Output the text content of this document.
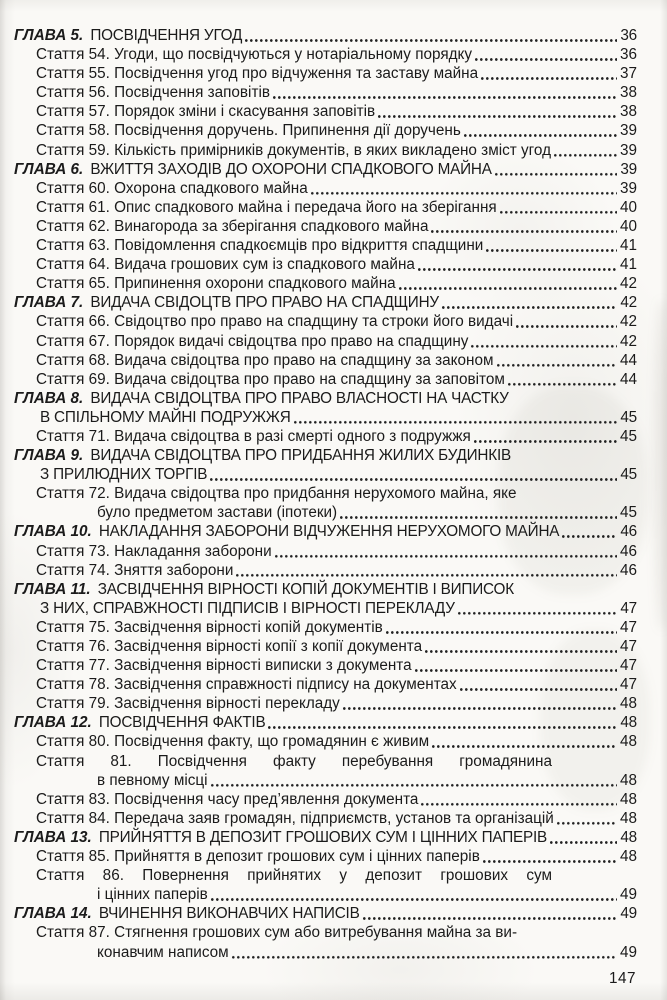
ГЛАВА 5. ПОСВІДЧЕННЯ УГОД	36
Стаття 54. Угоди, що посвідчуються у нотаріальному порядку	36
Стаття 55. Посвідчення угод про відчуження та заставу майна	37
Стаття 56. Посвідчення заповітів	38
Стаття 57. Порядок зміни і скасування заповітів	38
Стаття 58. Посвідчення доручень. Припинення дії доручень	39
Стаття 59. Кількість примірників документів, в яких викладено зміст угод	39
ГЛАВА 6. ВЖИТТЯ ЗАХОДІВ ДО ОХОРОНИ СПАДКОВОГО МАЙНА	39
Стаття 60. Охорона спадкового майна	39
Стаття 61. Опис спадкового майна і передача його на зберігання	40
Стаття 62. Винагорода за зберігання спадкового майна	40
Стаття 63. Повідомлення спадкоємців про відкриття спадщини	41
Стаття 64. Видача грошових сум із спадкового майна	41
Стаття 65. Припинення охорони спадкового майна	42
ГЛАВА 7. ВИДАЧА СВІДОЦТВ ПРО ПРАВО НА СПАДЩИНУ	42
Стаття 66. Свідоцтво про право на спадщину та строки його видачі	42
Стаття 67. Порядок видачі свідоцтва про право на спадщину	42
Стаття 68. Видача свідоцтва про право на спадщину за законом	44
Стаття 69. Видача свідоцтва про право на спадщину за заповітом	44
ГЛАВА 8. ВИДАЧА СВІДОЦТВА ПРО ПРАВО ВЛАСНОСТІ НА ЧАСТКУ
В СПІЛЬНОМУ МАЙНІ ПОДРУЖЖЯ	45
Стаття 71. Видача свідоцтва в разі смерті одного з подружжя	45
ГЛАВА 9. ВИДАЧА СВІДОЦТВА ПРО ПРИДБАННЯ ЖИЛИХ БУДИНКІВ
З ПРИЛЮДНИХ ТОРГІВ	45
Стаття 72. Видача свідоцтва про придбання нерухомого майна, яке
було предметом застави (іпотеки)	45
ГЛАВА 10. НАКЛАДАННЯ ЗАБОРОНИ ВІДЧУЖЕННЯ НЕРУХОМОГО МАЙНА	46
Стаття 73. Накладання заборони	46
Стаття 74. Зняття заборони	46
ГЛАВА 11. ЗАСВІДЧЕННЯ ВІРНОСТІ КОПІЙ ДОКУМЕНТІВ І ВИПИСОК
З НИХ, СПРАВЖНОСТІ ПІДПИСІВ І ВІРНОСТІ ПЕРЕКЛАДУ	47
Стаття 75. Засвідчення вірності копій документів	47
Стаття 76. Засвідчення вірності копії з копії документа	47
Стаття 77. Засвідчення вірності виписки з документа	47
Стаття 78. Засвідчення справжності підпису на документах	47
Стаття 79. Засвідчення вірності перекладу	48
ГЛАВА 12. ПОСВІДЧЕННЯ ФАКТІВ	48
Стаття 80. Посвідчення факту, що громадянин є живим	48
Стаття 81. Посвідчення факту перебування громадянина
в певному місці	48
Стаття 83. Посвідчення часу пред’явлення документа	48
Стаття 84. Передача заяв громадян, підприємств, установ та організацій	48
ГЛАВА 13. ПРИЙНЯТТЯ В ДЕПОЗИТ ГРОШОВИХ СУМ І ЦІННИХ ПАПЕРІВ	48
Стаття 85. Прийняття в депозит грошових сум і цінних паперів	48
Стаття 86. Повернення прийнятих у депозит грошових сум
і цінних паперів	49
ГЛАВА 14. ВЧИНЕННЯ ВИКОНАВЧИХ НАПИСІВ	49
Стаття 87. Стягнення грошових сум або витребування майна за ви-
конавчим написом	49
147
